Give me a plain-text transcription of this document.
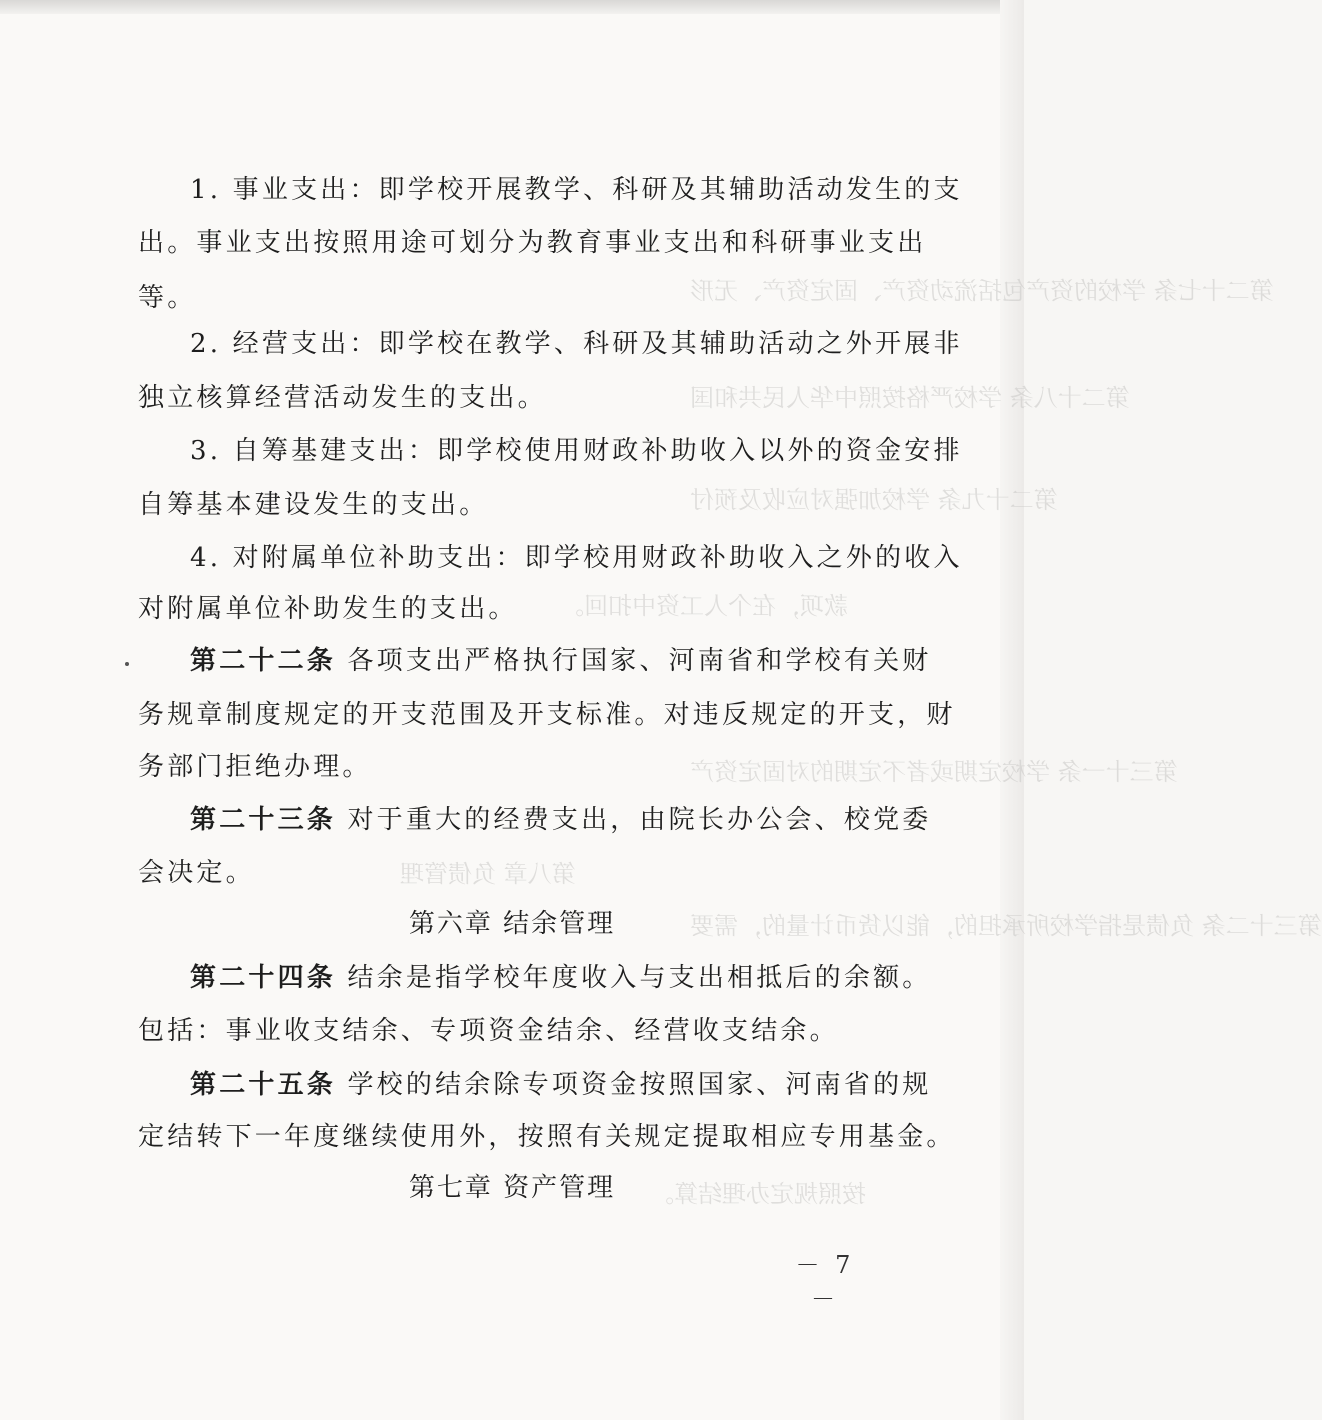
第二十七条 学校的资产包括流动资产、固定资产、无形
第二十八条 学校严格按照中华人民共和国
第二十九条 学校加强对应收及预付
款项，在个人工资中扣回。
第三十一条 学校定期或者不定期的对固定资产
第八章 负债管理
第三十二条 负债是指学校所承担的，能以货币计量的，需要
按照规定办理结算。
1. 事业支出：即学校开展教学、科研及其辅助活动发生的支
出。事业支出按照用途可划分为教育事业支出和科研事业支出
等。
2. 经营支出：即学校在教学、科研及其辅助活动之外开展非
独立核算经营活动发生的支出。
3. 自筹基建支出：即学校使用财政补助收入以外的资金安排
自筹基本建设发生的支出。
4. 对附属单位补助支出：即学校用财政补助收入之外的收入
对附属单位补助发生的支出。
第二十二条 各项支出严格执行国家、河南省和学校有关财
务规章制度规定的开支范围及开支标准。对违反规定的开支，财
务部门拒绝办理。
第二十三条 对于重大的经费支出，由院长办公会、校党委
会决定。
第六章 结余管理
第二十四条 结余是指学校年度收入与支出相抵后的余额。
包括：事业收支结余、专项资金结余、经营收支结余。
第二十五条 学校的结余除专项资金按照国家、河南省的规
定结转下一年度继续使用外，按照有关规定提取相应专用基金。
第七章 资产管理
－ 7 －
